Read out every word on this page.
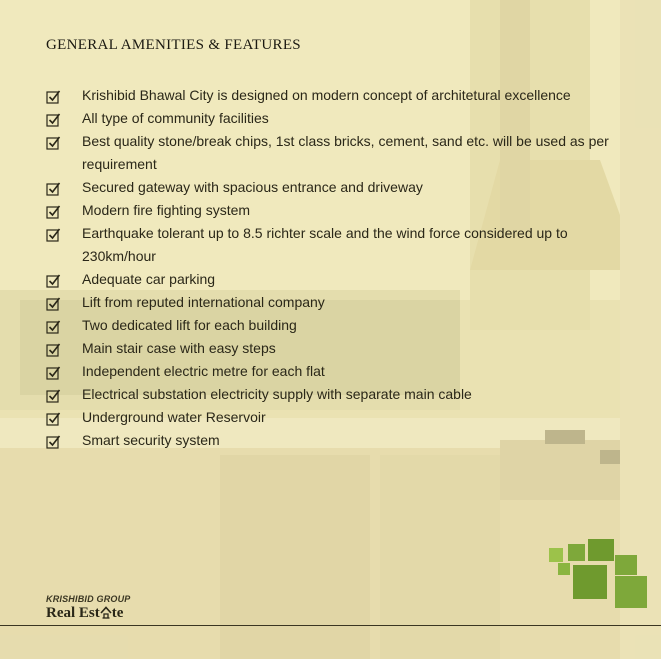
GENERAL AMENITIES & FEATURES
Krishibid Bhawal City is designed on modern concept of architetural excellence
All type of community facilities
Best quality stone/break chips, 1st class bricks, cement, sand etc. will be used as per requirement
Secured gateway with spacious entrance and driveway
Modern fire fighting system
Earthquake tolerant up to 8.5 richter scale and the wind force considered up to 230km/hour
Adequate car parking
Lift from reputed international company
Two dedicated lift for each building
Main stair case with easy steps
Independent electric metre for each flat
Electrical substation electricity supply with separate main cable
Underground water Reservoir
Smart security system
KRISHIBID GROUP
Real Est te
